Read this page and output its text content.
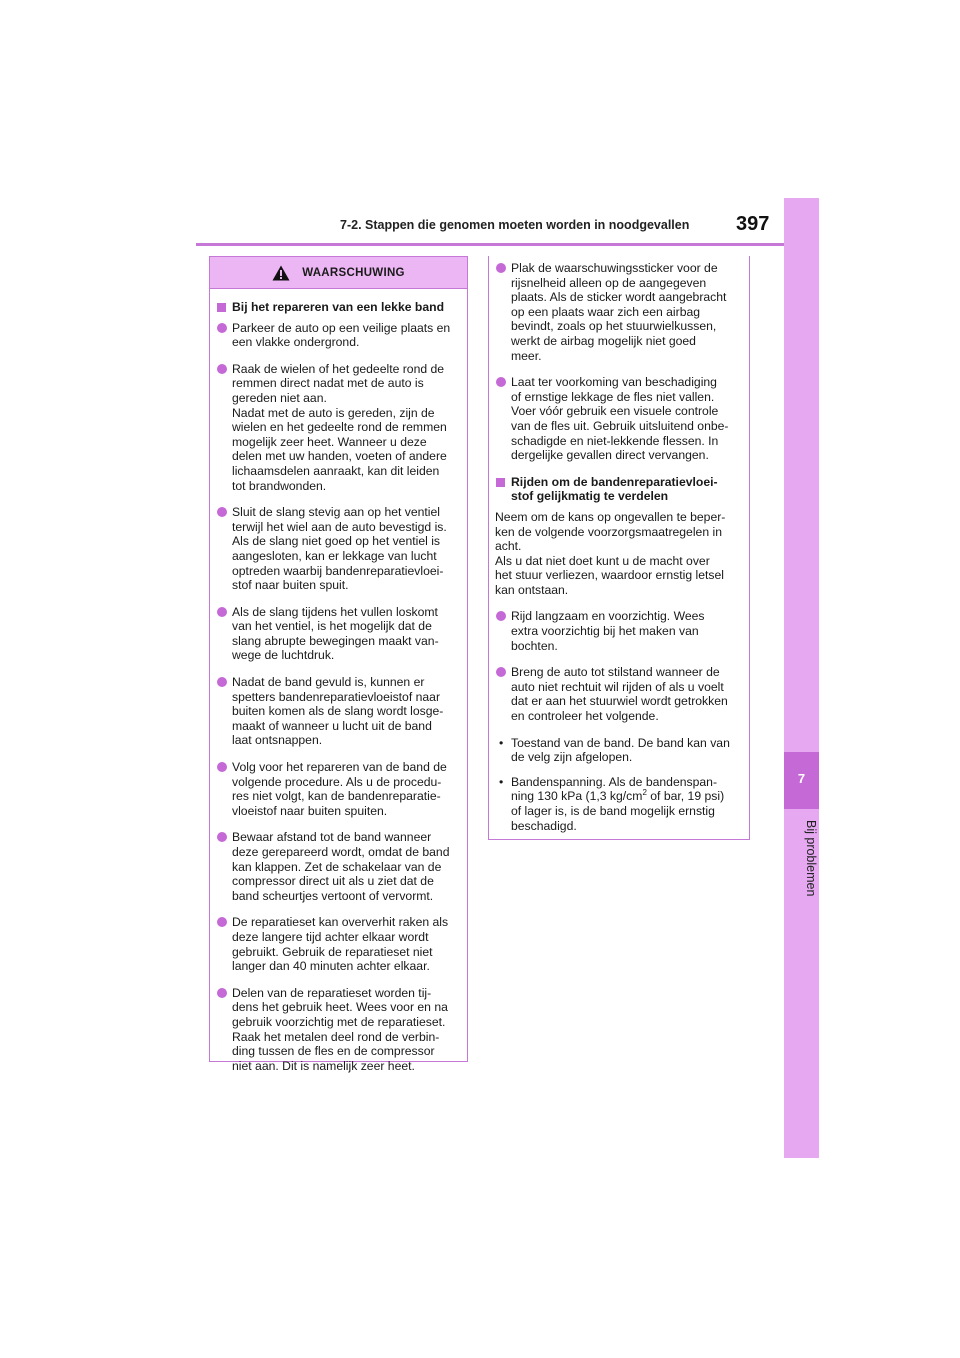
7-2. Stappen die genomen moeten worden in noodgevallen 397
7
Bij problemen
WAARSCHUWING
Bij het repareren van een lekke band
Parkeer de auto op een veilige plaats en
een vlakke ondergrond.
Raak de wielen of het gedeelte rond de
remmen direct nadat met de auto is
gereden niet aan.
Nadat met de auto is gereden, zijn de
wielen en het gedeelte rond de remmen
mogelijk zeer heet. Wanneer u deze
delen met uw handen, voeten of andere
lichaamsdelen aanraakt, kan dit leiden
tot brandwonden.
Sluit de slang stevig aan op het ventiel
terwijl het wiel aan de auto bevestigd is.
Als de slang niet goed op het ventiel is
aangesloten, kan er lekkage van lucht
optreden waarbij bandenreparatievloei-
stof naar buiten spuit.
Als de slang tijdens het vullen loskomt
van het ventiel, is het mogelijk dat de
slang abrupte bewegingen maakt van-
wege de luchtdruk.
Nadat de band gevuld is, kunnen er
spetters bandenreparatievloeistof naar
buiten komen als de slang wordt losge-
maakt of wanneer u lucht uit de band
laat ontsnappen.
Volg voor het repareren van de band de
volgende procedure. Als u de procedu-
res niet volgt, kan de bandenreparatie-
vloeistof naar buiten spuiten.
Bewaar afstand tot de band wanneer
deze gerepareerd wordt, omdat de band
kan klappen. Zet de schakelaar van de
compressor direct uit als u ziet dat de
band scheurtjes vertoont of vervormt.
De reparatieset kan oververhit raken als
deze langere tijd achter elkaar wordt
gebruikt. Gebruik de reparatieset niet
langer dan 40 minuten achter elkaar.
Delen van de reparatieset worden tij-
dens het gebruik heet. Wees voor en na
gebruik voorzichtig met de reparatieset.
Raak het metalen deel rond de verbin-
ding tussen de fles en de compressor
niet aan. Dit is namelijk zeer heet.
Plak de waarschuwingssticker voor de
rijsnelheid alleen op de aangegeven
plaats. Als de sticker wordt aangebracht
op een plaats waar zich een airbag
bevindt, zoals op het stuurwielkussen,
werkt de airbag mogelijk niet goed
meer.
Laat ter voorkoming van beschadiging
of ernstige lekkage de fles niet vallen.
Voer vóór gebruik een visuele controle
van de fles uit. Gebruik uitsluitend onbe-
schadigde en niet-lekkende flessen. In
dergelijke gevallen direct vervangen.
Rijden om de bandenreparatievloei-
stof gelijkmatig te verdelen
Neem om de kans op ongevallen te beper-
ken de volgende voorzorgsmaatregelen in
acht.
Als u dat niet doet kunt u de macht over
het stuur verliezen, waardoor ernstig letsel
kan ontstaan.
Rijd langzaam en voorzichtig. Wees
extra voorzichtig bij het maken van
bochten.
Breng de auto tot stilstand wanneer de
auto niet rechtuit wil rijden of als u voelt
dat er aan het stuurwiel wordt getrokken
en controleer het volgende.
• Toestand van de band. De band kan van
de velg zijn afgelopen.
• Bandenspanning. Als de bandenspan-
ning 130 kPa (1,3 $kg/cm^2$ of bar, 19 psi)
of lager is, is de band mogelijk ernstig
beschadigd.
